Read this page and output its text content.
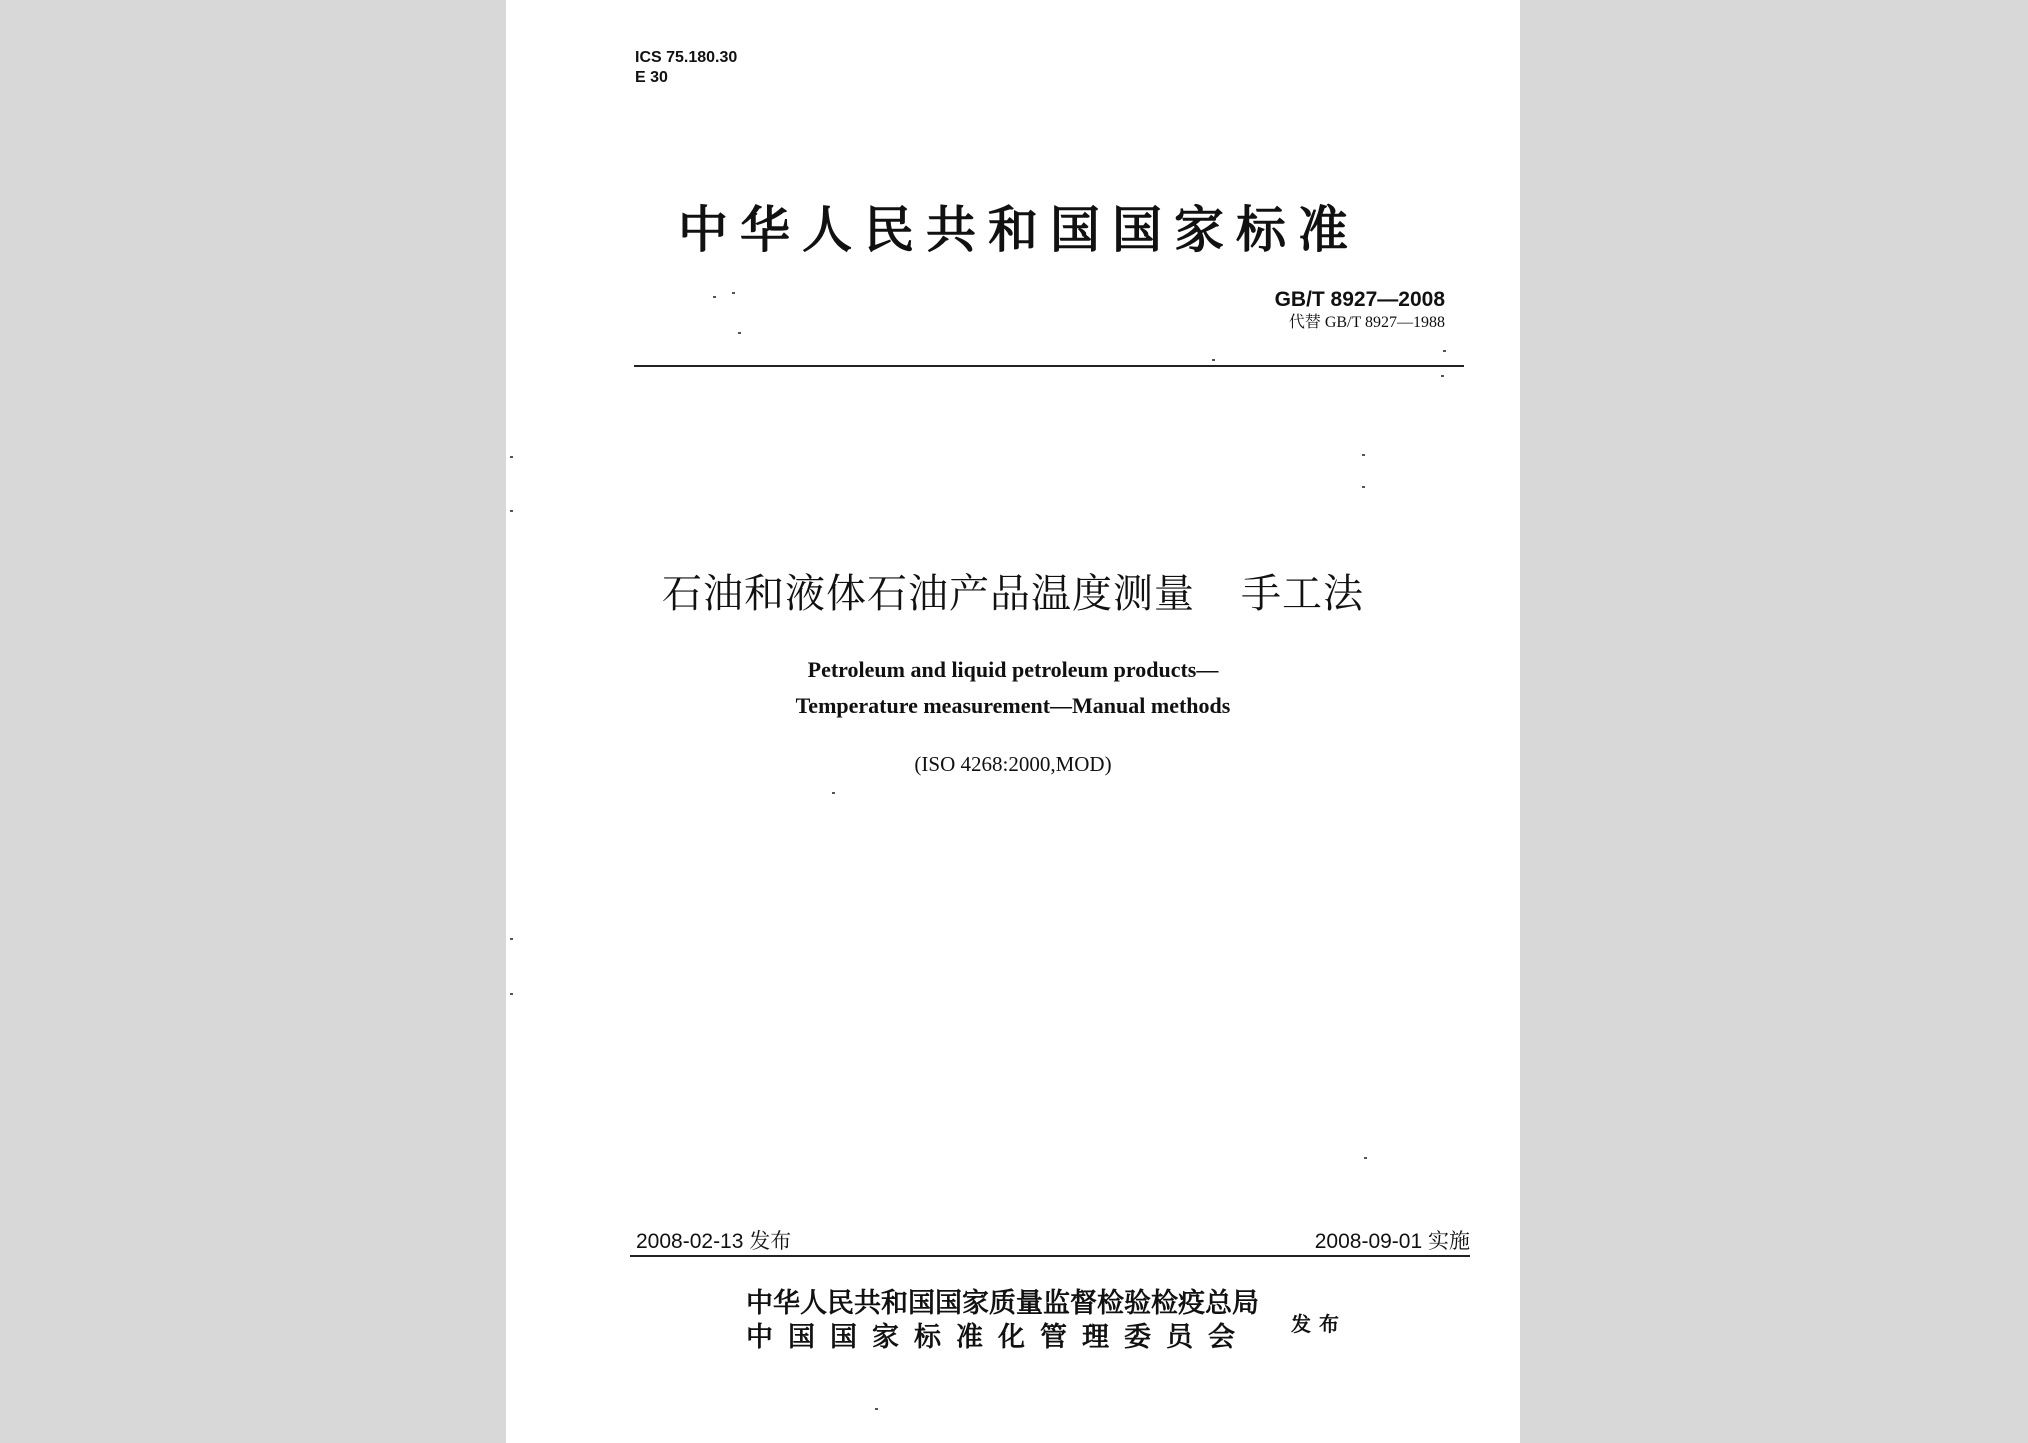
ICS 75.180.30
E 30
中华人民共和国国家标准
GB/T 8927—2008
代替 GB/T 8927—1988
石油和液体石油产品温度测量 手工法
Petroleum and liquid petroleum products—
Temperature measurement—Manual methods
(ISO 4268:2000,MOD)
2008-02-13 发布	2008-09-01 实施
中华人民共和国国家质量监督检验检疫总局
中国国家标准化管理委员会	发布
